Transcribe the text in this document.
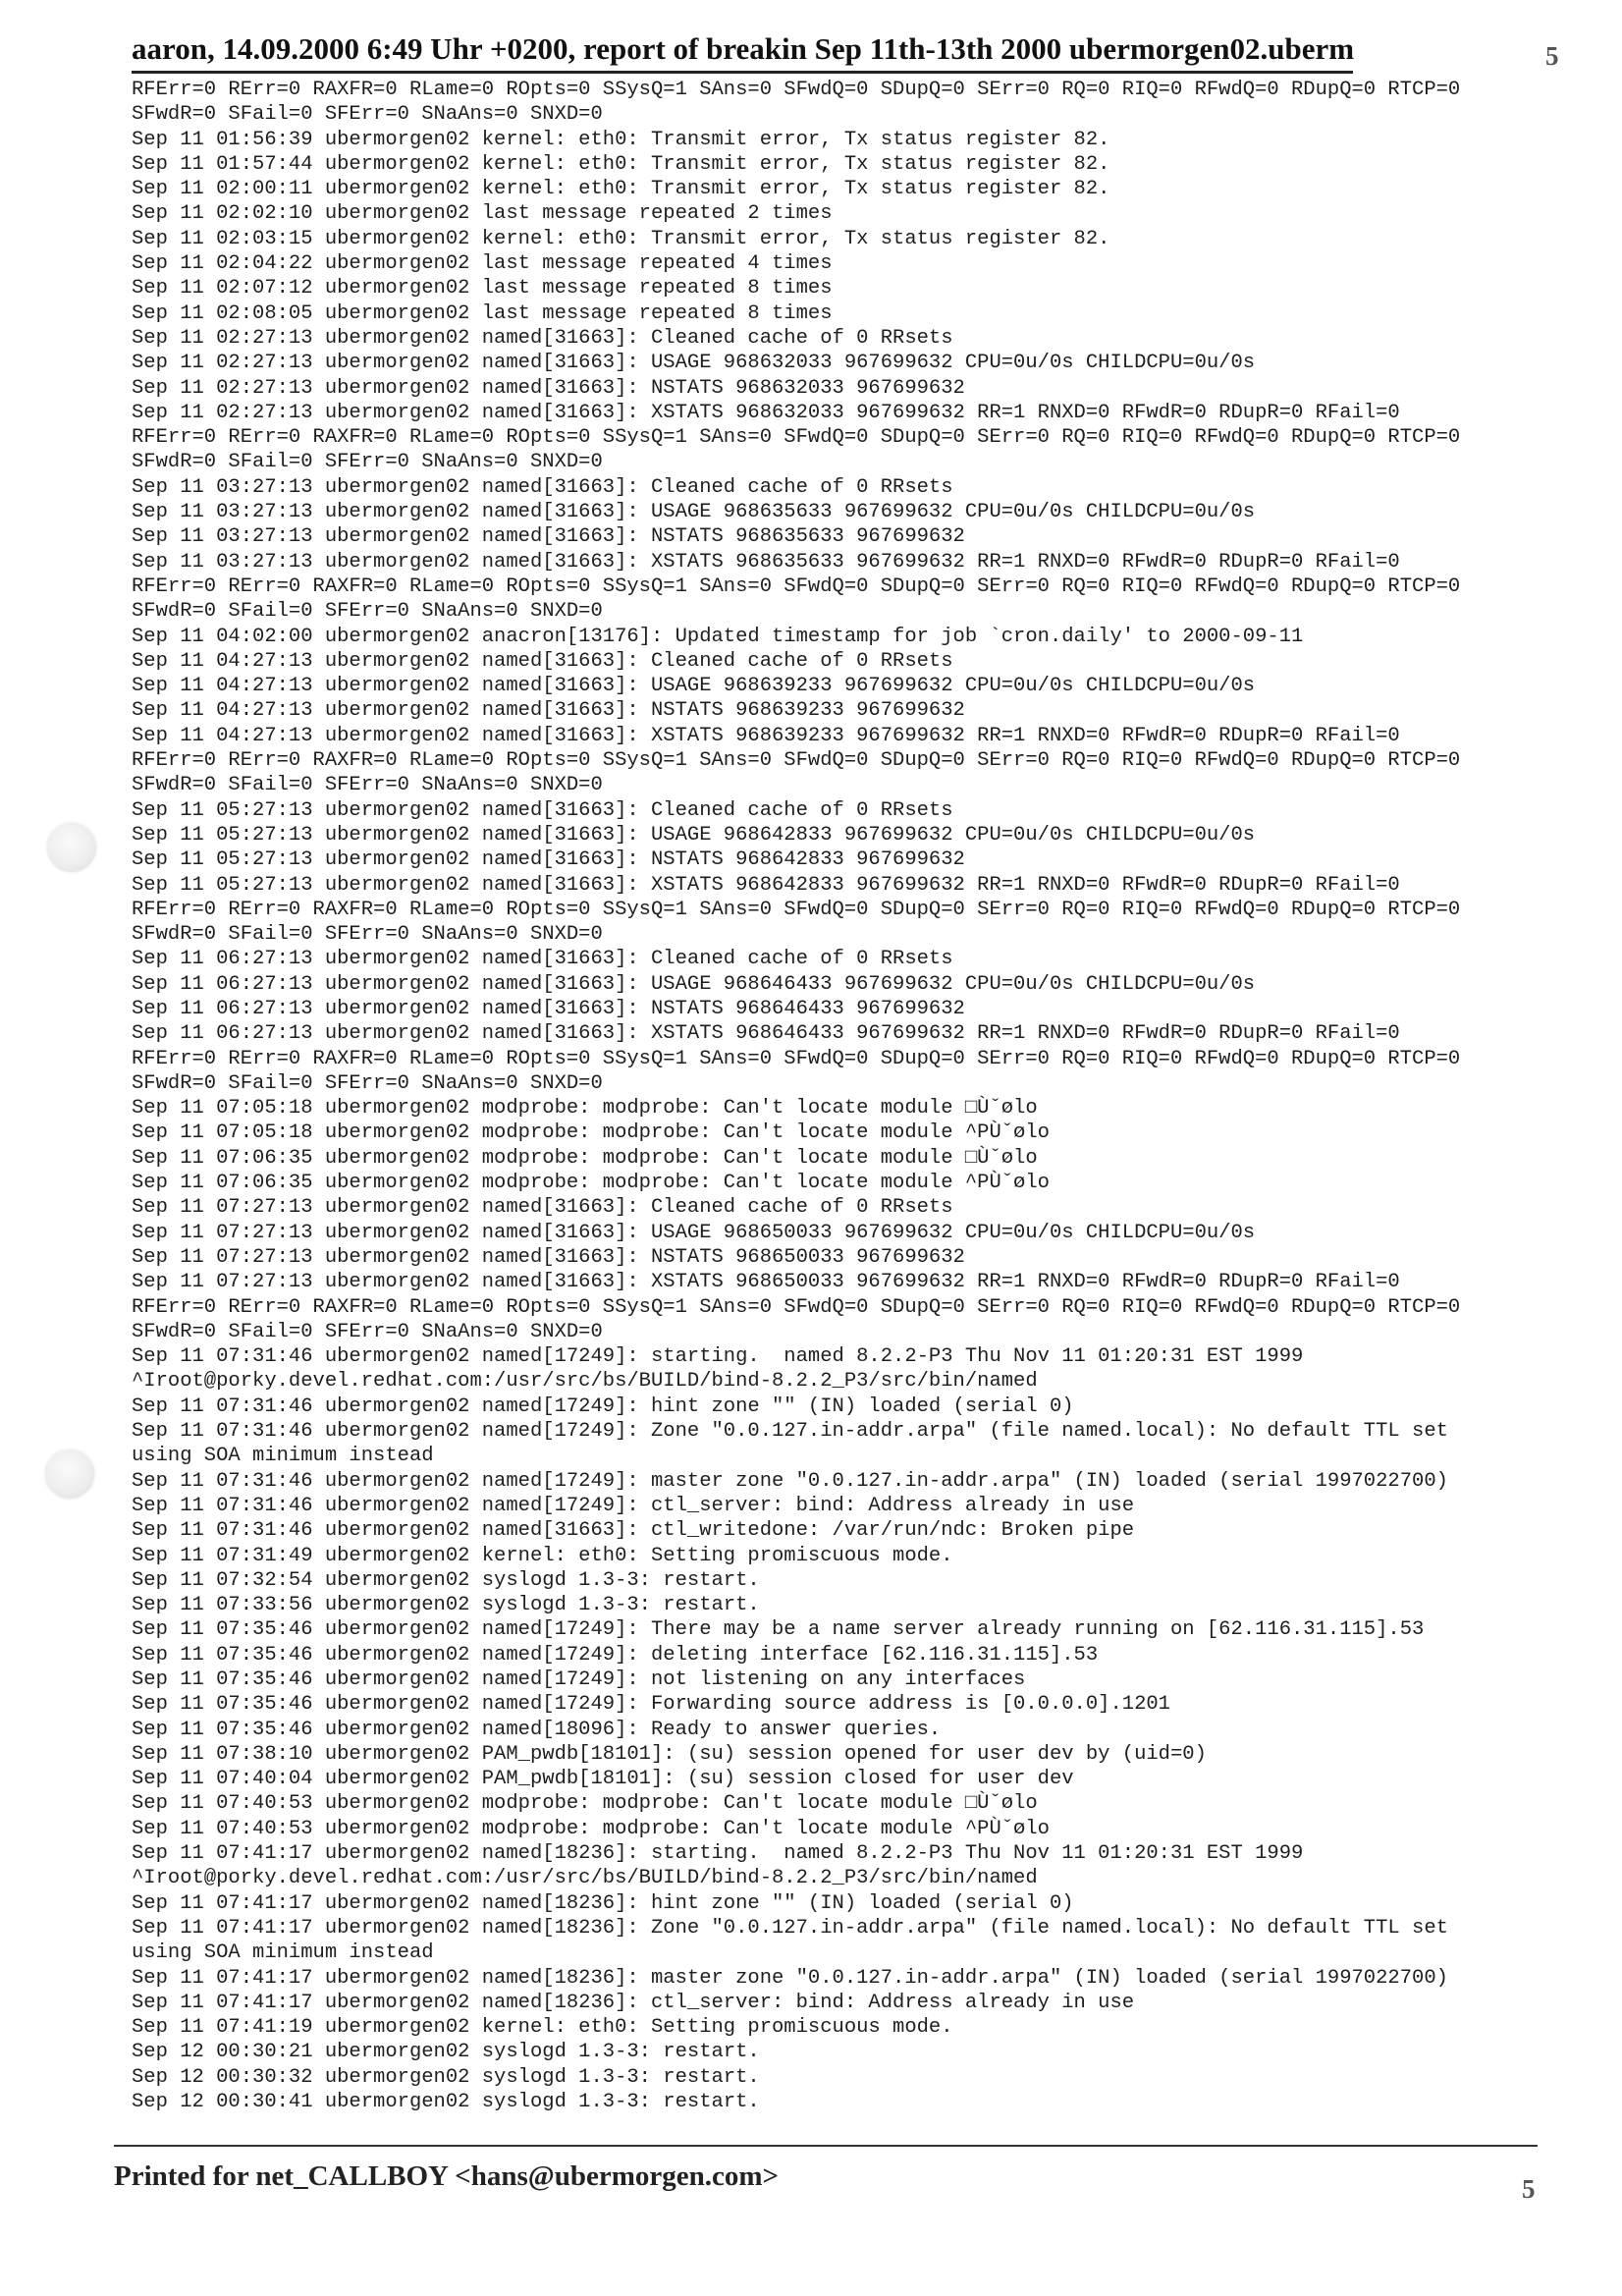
aaron, 14.09.2000 6:49 Uhr +0200, report of breakin Sep 11th-13th 2000 ubermorgen02.uberm	5
RFErr=0 RErr=0 RAXFR=0 RLame=0 ROpts=0 SSysQ=1 SAns=0 SFwdQ=0 SDupQ=0 SErr=0 RQ=0 RIQ=0 RFwdQ=0 RDupQ=0 RTCP=0
SFwdR=0 SFail=0 SFErr=0 SNaAns=0 SNXD=0
Sep 11 01:56:39 ubermorgen02 kernel: eth0: Transmit error, Tx status register 82.
Sep 11 01:57:44 ubermorgen02 kernel: eth0: Transmit error, Tx status register 82.
Sep 11 02:00:11 ubermorgen02 kernel: eth0: Transmit error, Tx status register 82.
Sep 11 02:02:10 ubermorgen02 last message repeated 2 times
Sep 11 02:03:15 ubermorgen02 kernel: eth0: Transmit error, Tx status register 82.
Sep 11 02:04:22 ubermorgen02 last message repeated 4 times
Sep 11 02:07:12 ubermorgen02 last message repeated 8 times
Sep 11 02:08:05 ubermorgen02 last message repeated 8 times
Sep 11 02:27:13 ubermorgen02 named[31663]: Cleaned cache of 0 RRsets
Sep 11 02:27:13 ubermorgen02 named[31663]: USAGE 968632033 967699632 CPU=0u/0s CHILDCPU=0u/0s
Sep 11 02:27:13 ubermorgen02 named[31663]: NSTATS 968632033 967699632
Sep 11 02:27:13 ubermorgen02 named[31663]: XSTATS 968632033 967699632 RR=1 RNXD=0 RFwdR=0 RDupR=0 RFail=0
RFErr=0 RErr=0 RAXFR=0 RLame=0 ROpts=0 SSysQ=1 SAns=0 SFwdQ=0 SDupQ=0 SErr=0 RQ=0 RIQ=0 RFwdQ=0 RDupQ=0 RTCP=0
SFwdR=0 SFail=0 SFErr=0 SNaAns=0 SNXD=0
Sep 11 03:27:13 ubermorgen02 named[31663]: Cleaned cache of 0 RRsets
Sep 11 03:27:13 ubermorgen02 named[31663]: USAGE 968635633 967699632 CPU=0u/0s CHILDCPU=0u/0s
Sep 11 03:27:13 ubermorgen02 named[31663]: NSTATS 968635633 967699632
Sep 11 03:27:13 ubermorgen02 named[31663]: XSTATS 968635633 967699632 RR=1 RNXD=0 RFwdR=0 RDupR=0 RFail=0
RFErr=0 RErr=0 RAXFR=0 RLame=0 ROpts=0 SSysQ=1 SAns=0 SFwdQ=0 SDupQ=0 SErr=0 RQ=0 RIQ=0 RFwdQ=0 RDupQ=0 RTCP=0
SFwdR=0 SFail=0 SFErr=0 SNaAns=0 SNXD=0
Sep 11 04:02:00 ubermorgen02 anacron[13176]: Updated timestamp for job `cron.daily' to 2000-09-11
Sep 11 04:27:13 ubermorgen02 named[31663]: Cleaned cache of 0 RRsets
Sep 11 04:27:13 ubermorgen02 named[31663]: USAGE 968639233 967699632 CPU=0u/0s CHILDCPU=0u/0s
Sep 11 04:27:13 ubermorgen02 named[31663]: NSTATS 968639233 967699632
Sep 11 04:27:13 ubermorgen02 named[31663]: XSTATS 968639233 967699632 RR=1 RNXD=0 RFwdR=0 RDupR=0 RFail=0
RFErr=0 RErr=0 RAXFR=0 RLame=0 ROpts=0 SSysQ=1 SAns=0 SFwdQ=0 SDupQ=0 SErr=0 RQ=0 RIQ=0 RFwdQ=0 RDupQ=0 RTCP=0
SFwdR=0 SFail=0 SFErr=0 SNaAns=0 SNXD=0
Sep 11 05:27:13 ubermorgen02 named[31663]: Cleaned cache of 0 RRsets
Sep 11 05:27:13 ubermorgen02 named[31663]: USAGE 968642833 967699632 CPU=0u/0s CHILDCPU=0u/0s
Sep 11 05:27:13 ubermorgen02 named[31663]: NSTATS 968642833 967699632
Sep 11 05:27:13 ubermorgen02 named[31663]: XSTATS 968642833 967699632 RR=1 RNXD=0 RFwdR=0 RDupR=0 RFail=0
RFErr=0 RErr=0 RAXFR=0 RLame=0 ROpts=0 SSysQ=1 SAns=0 SFwdQ=0 SDupQ=0 SErr=0 RQ=0 RIQ=0 RFwdQ=0 RDupQ=0 RTCP=0
SFwdR=0 SFail=0 SFErr=0 SNaAns=0 SNXD=0
Sep 11 06:27:13 ubermorgen02 named[31663]: Cleaned cache of 0 RRsets
Sep 11 06:27:13 ubermorgen02 named[31663]: USAGE 968646433 967699632 CPU=0u/0s CHILDCPU=0u/0s
Sep 11 06:27:13 ubermorgen02 named[31663]: NSTATS 968646433 967699632
Sep 11 06:27:13 ubermorgen02 named[31663]: XSTATS 968646433 967699632 RR=1 RNXD=0 RFwdR=0 RDupR=0 RFail=0
RFErr=0 RErr=0 RAXFR=0 RLame=0 ROpts=0 SSysQ=1 SAns=0 SFwdQ=0 SDupQ=0 SErr=0 RQ=0 RIQ=0 RFwdQ=0 RDupQ=0 RTCP=0
SFwdR=0 SFail=0 SFErr=0 SNaAns=0 SNXD=0
Sep 11 07:05:18 ubermorgen02 modprobe: modprobe: Can't locate module □Ùˇølo
Sep 11 07:05:18 ubermorgen02 modprobe: modprobe: Can't locate module ^PÙˇølo
Sep 11 07:06:35 ubermorgen02 modprobe: modprobe: Can't locate module □Ùˇølo
Sep 11 07:06:35 ubermorgen02 modprobe: modprobe: Can't locate module ^PÙˇølo
Sep 11 07:27:13 ubermorgen02 named[31663]: Cleaned cache of 0 RRsets
Sep 11 07:27:13 ubermorgen02 named[31663]: USAGE 968650033 967699632 CPU=0u/0s CHILDCPU=0u/0s
Sep 11 07:27:13 ubermorgen02 named[31663]: NSTATS 968650033 967699632
Sep 11 07:27:13 ubermorgen02 named[31663]: XSTATS 968650033 967699632 RR=1 RNXD=0 RFwdR=0 RDupR=0 RFail=0
RFErr=0 RErr=0 RAXFR=0 RLame=0 ROpts=0 SSysQ=1 SAns=0 SFwdQ=0 SDupQ=0 SErr=0 RQ=0 RIQ=0 RFwdQ=0 RDupQ=0 RTCP=0
SFwdR=0 SFail=0 SFErr=0 SNaAns=0 SNXD=0
Sep 11 07:31:46 ubermorgen02 named[17249]: starting.  named 8.2.2-P3 Thu Nov 11 01:20:31 EST 1999
^Iroot@porky.devel.redhat.com:/usr/src/bs/BUILD/bind-8.2.2_P3/src/bin/named
Sep 11 07:31:46 ubermorgen02 named[17249]: hint zone "" (IN) loaded (serial 0)
Sep 11 07:31:46 ubermorgen02 named[17249]: Zone "0.0.127.in-addr.arpa" (file named.local): No default TTL set
using SOA minimum instead
Sep 11 07:31:46 ubermorgen02 named[17249]: master zone "0.0.127.in-addr.arpa" (IN) loaded (serial 1997022700)
Sep 11 07:31:46 ubermorgen02 named[17249]: ctl_server: bind: Address already in use
Sep 11 07:31:46 ubermorgen02 named[31663]: ctl_writedone: /var/run/ndc: Broken pipe
Sep 11 07:31:49 ubermorgen02 kernel: eth0: Setting promiscuous mode.
Sep 11 07:32:54 ubermorgen02 syslogd 1.3-3: restart.
Sep 11 07:33:56 ubermorgen02 syslogd 1.3-3: restart.
Sep 11 07:35:46 ubermorgen02 named[17249]: There may be a name server already running on [62.116.31.115].53
Sep 11 07:35:46 ubermorgen02 named[17249]: deleting interface [62.116.31.115].53
Sep 11 07:35:46 ubermorgen02 named[17249]: not listening on any interfaces
Sep 11 07:35:46 ubermorgen02 named[17249]: Forwarding source address is [0.0.0.0].1201
Sep 11 07:35:46 ubermorgen02 named[18096]: Ready to answer queries.
Sep 11 07:38:10 ubermorgen02 PAM_pwdb[18101]: (su) session opened for user dev by (uid=0)
Sep 11 07:40:04 ubermorgen02 PAM_pwdb[18101]: (su) session closed for user dev
Sep 11 07:40:53 ubermorgen02 modprobe: modprobe: Can't locate module □Ùˇølo
Sep 11 07:40:53 ubermorgen02 modprobe: modprobe: Can't locate module ^PÙˇølo
Sep 11 07:41:17 ubermorgen02 named[18236]: starting.  named 8.2.2-P3 Thu Nov 11 01:20:31 EST 1999
^Iroot@porky.devel.redhat.com:/usr/src/bs/BUILD/bind-8.2.2_P3/src/bin/named
Sep 11 07:41:17 ubermorgen02 named[18236]: hint zone "" (IN) loaded (serial 0)
Sep 11 07:41:17 ubermorgen02 named[18236]: Zone "0.0.127.in-addr.arpa" (file named.local): No default TTL set
using SOA minimum instead
Sep 11 07:41:17 ubermorgen02 named[18236]: master zone "0.0.127.in-addr.arpa" (IN) loaded (serial 1997022700)
Sep 11 07:41:17 ubermorgen02 named[18236]: ctl_server: bind: Address already in use
Sep 11 07:41:19 ubermorgen02 kernel: eth0: Setting promiscuous mode.
Sep 12 00:30:21 ubermorgen02 syslogd 1.3-3: restart.
Sep 12 00:30:32 ubermorgen02 syslogd 1.3-3: restart.
Sep 12 00:30:41 ubermorgen02 syslogd 1.3-3: restart.
Printed for net_CALLBOY <hans@ubermorgen.com>	5
